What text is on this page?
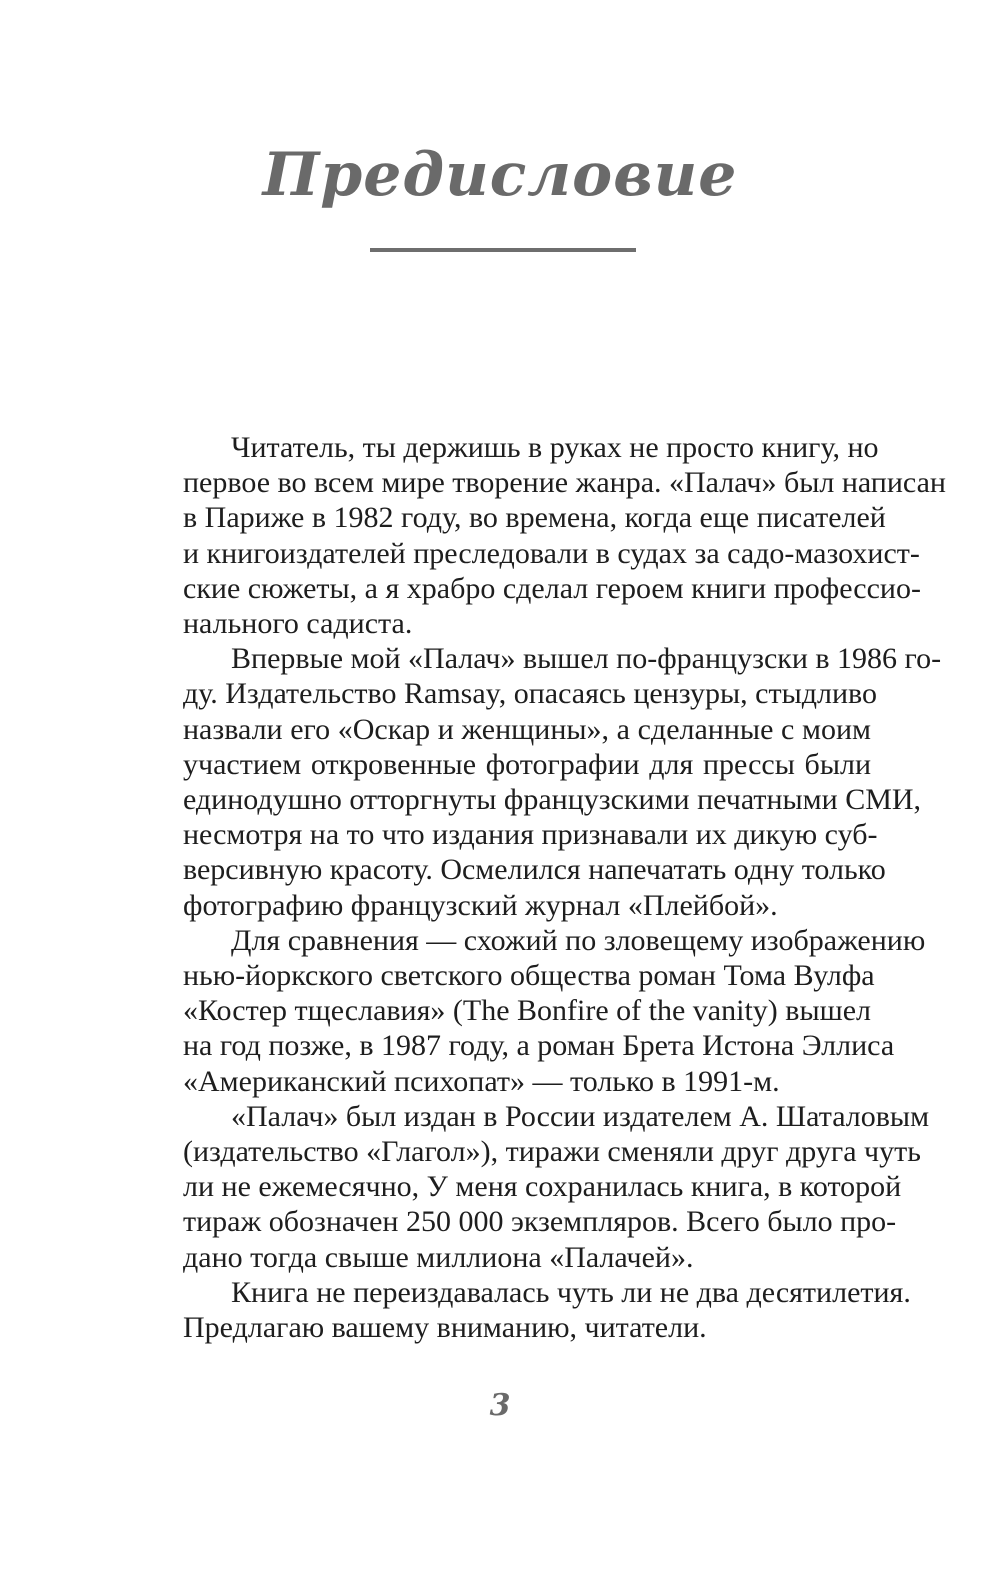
Предисловие
Читатель, ты держишь в руках не просто книгу, но
первое во всем мире творение жанра. «Палач» был написан
в Париже в 1982 году, во времена, когда еще писателей
и книгоиздателей преследовали в судах за садо-мазохист-
ские сюжеты, а я храбро сделал героем книги профессио-
нального садиста.
Впервые мой «Палач» вышел по-французски в 1986 го-
ду. Издательство Ramsay, опасаясь цензуры, стыдливо
назвали его «Оскар и женщины», а сделанные с моим
участием откровенные фотографии для прессы были
единодушно отторгнуты французскими печатными СМИ,
несмотря на то что издания признавали их дикую суб-
версивную красоту. Осмелился напечатать одну только
фотографию французский журнал «Плейбой».
Для сравнения — схожий по зловещему изображению
нью-йоркского светского общества роман Тома Вулфа
«Костер тщеславия» (The Bonfire of the vanity) вышел
на год позже, в 1987 году, а роман Брета Истона Эллиса
«Американский психопат» — только в 1991-м.
«Палач» был издан в России издателем А. Шаталовым
(издательство «Глагол»), тиражи сменяли друг друга чуть
ли не ежемесячно, У меня сохранилась книга, в которой
тираж обозначен 250 000 экземпляров. Всего было про-
дано тогда свыше миллиона «Палачей».
Книга не переиздавалась чуть ли не два десятилетия.
Предлагаю вашему вниманию, читатели.
3
